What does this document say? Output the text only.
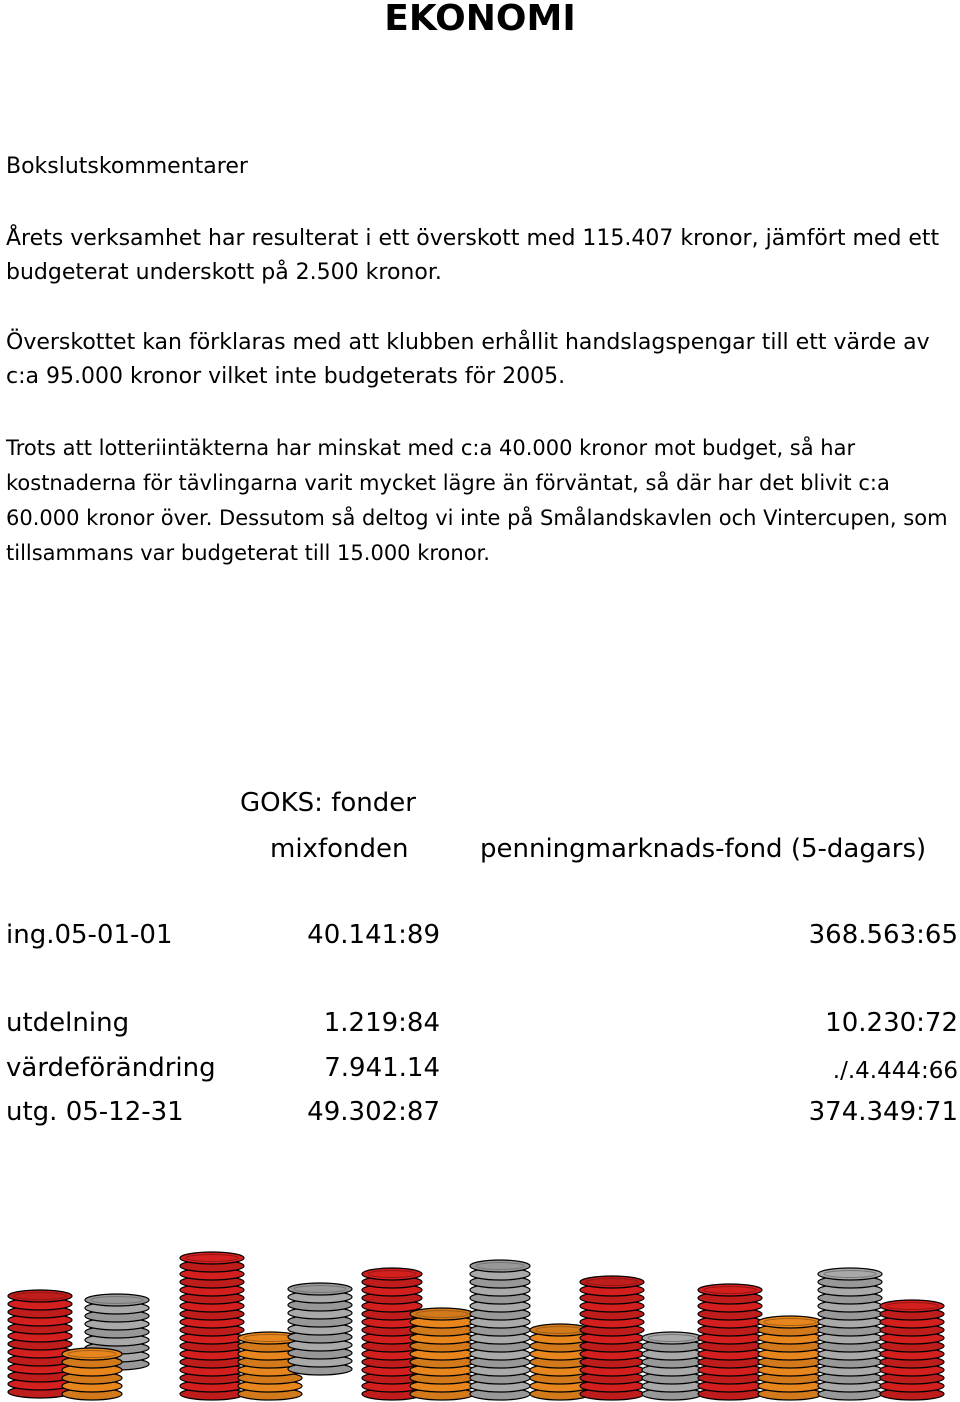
EKONOMI
Bokslutskommentarer
Årets verksamhet har resulterat i ett överskott med 115.407 kronor, jämfört med ett budgeterat underskott på 2.500 kronor.
Överskottet kan förklaras med att klubben erhållit handslagspengar till ett värde av c:a 95.000 kronor vilket inte budgeterats för 2005.
Trots att lotteriintäkterna har minskat med c:a 40.000 kronor mot budget, så har kostnaderna för tävlingarna varit mycket lägre än förväntat, så där har det blivit c:a 60.000 kronor över. Dessutom så deltog vi inte på Smålandskavlen och Vintercupen, som tillsammans var budgeterat till 15.000 kronor.
GOKS: fonder
mixfonden	penningmarknads-fond (5-dagars)
ing.05-01-01	40.141:89	368.563:65
utdelning	1.219:84	10.230:72
värdeförändring	7.941.14	./.4.444:66
utg. 05-12-31	49.302:87	374.349:71
